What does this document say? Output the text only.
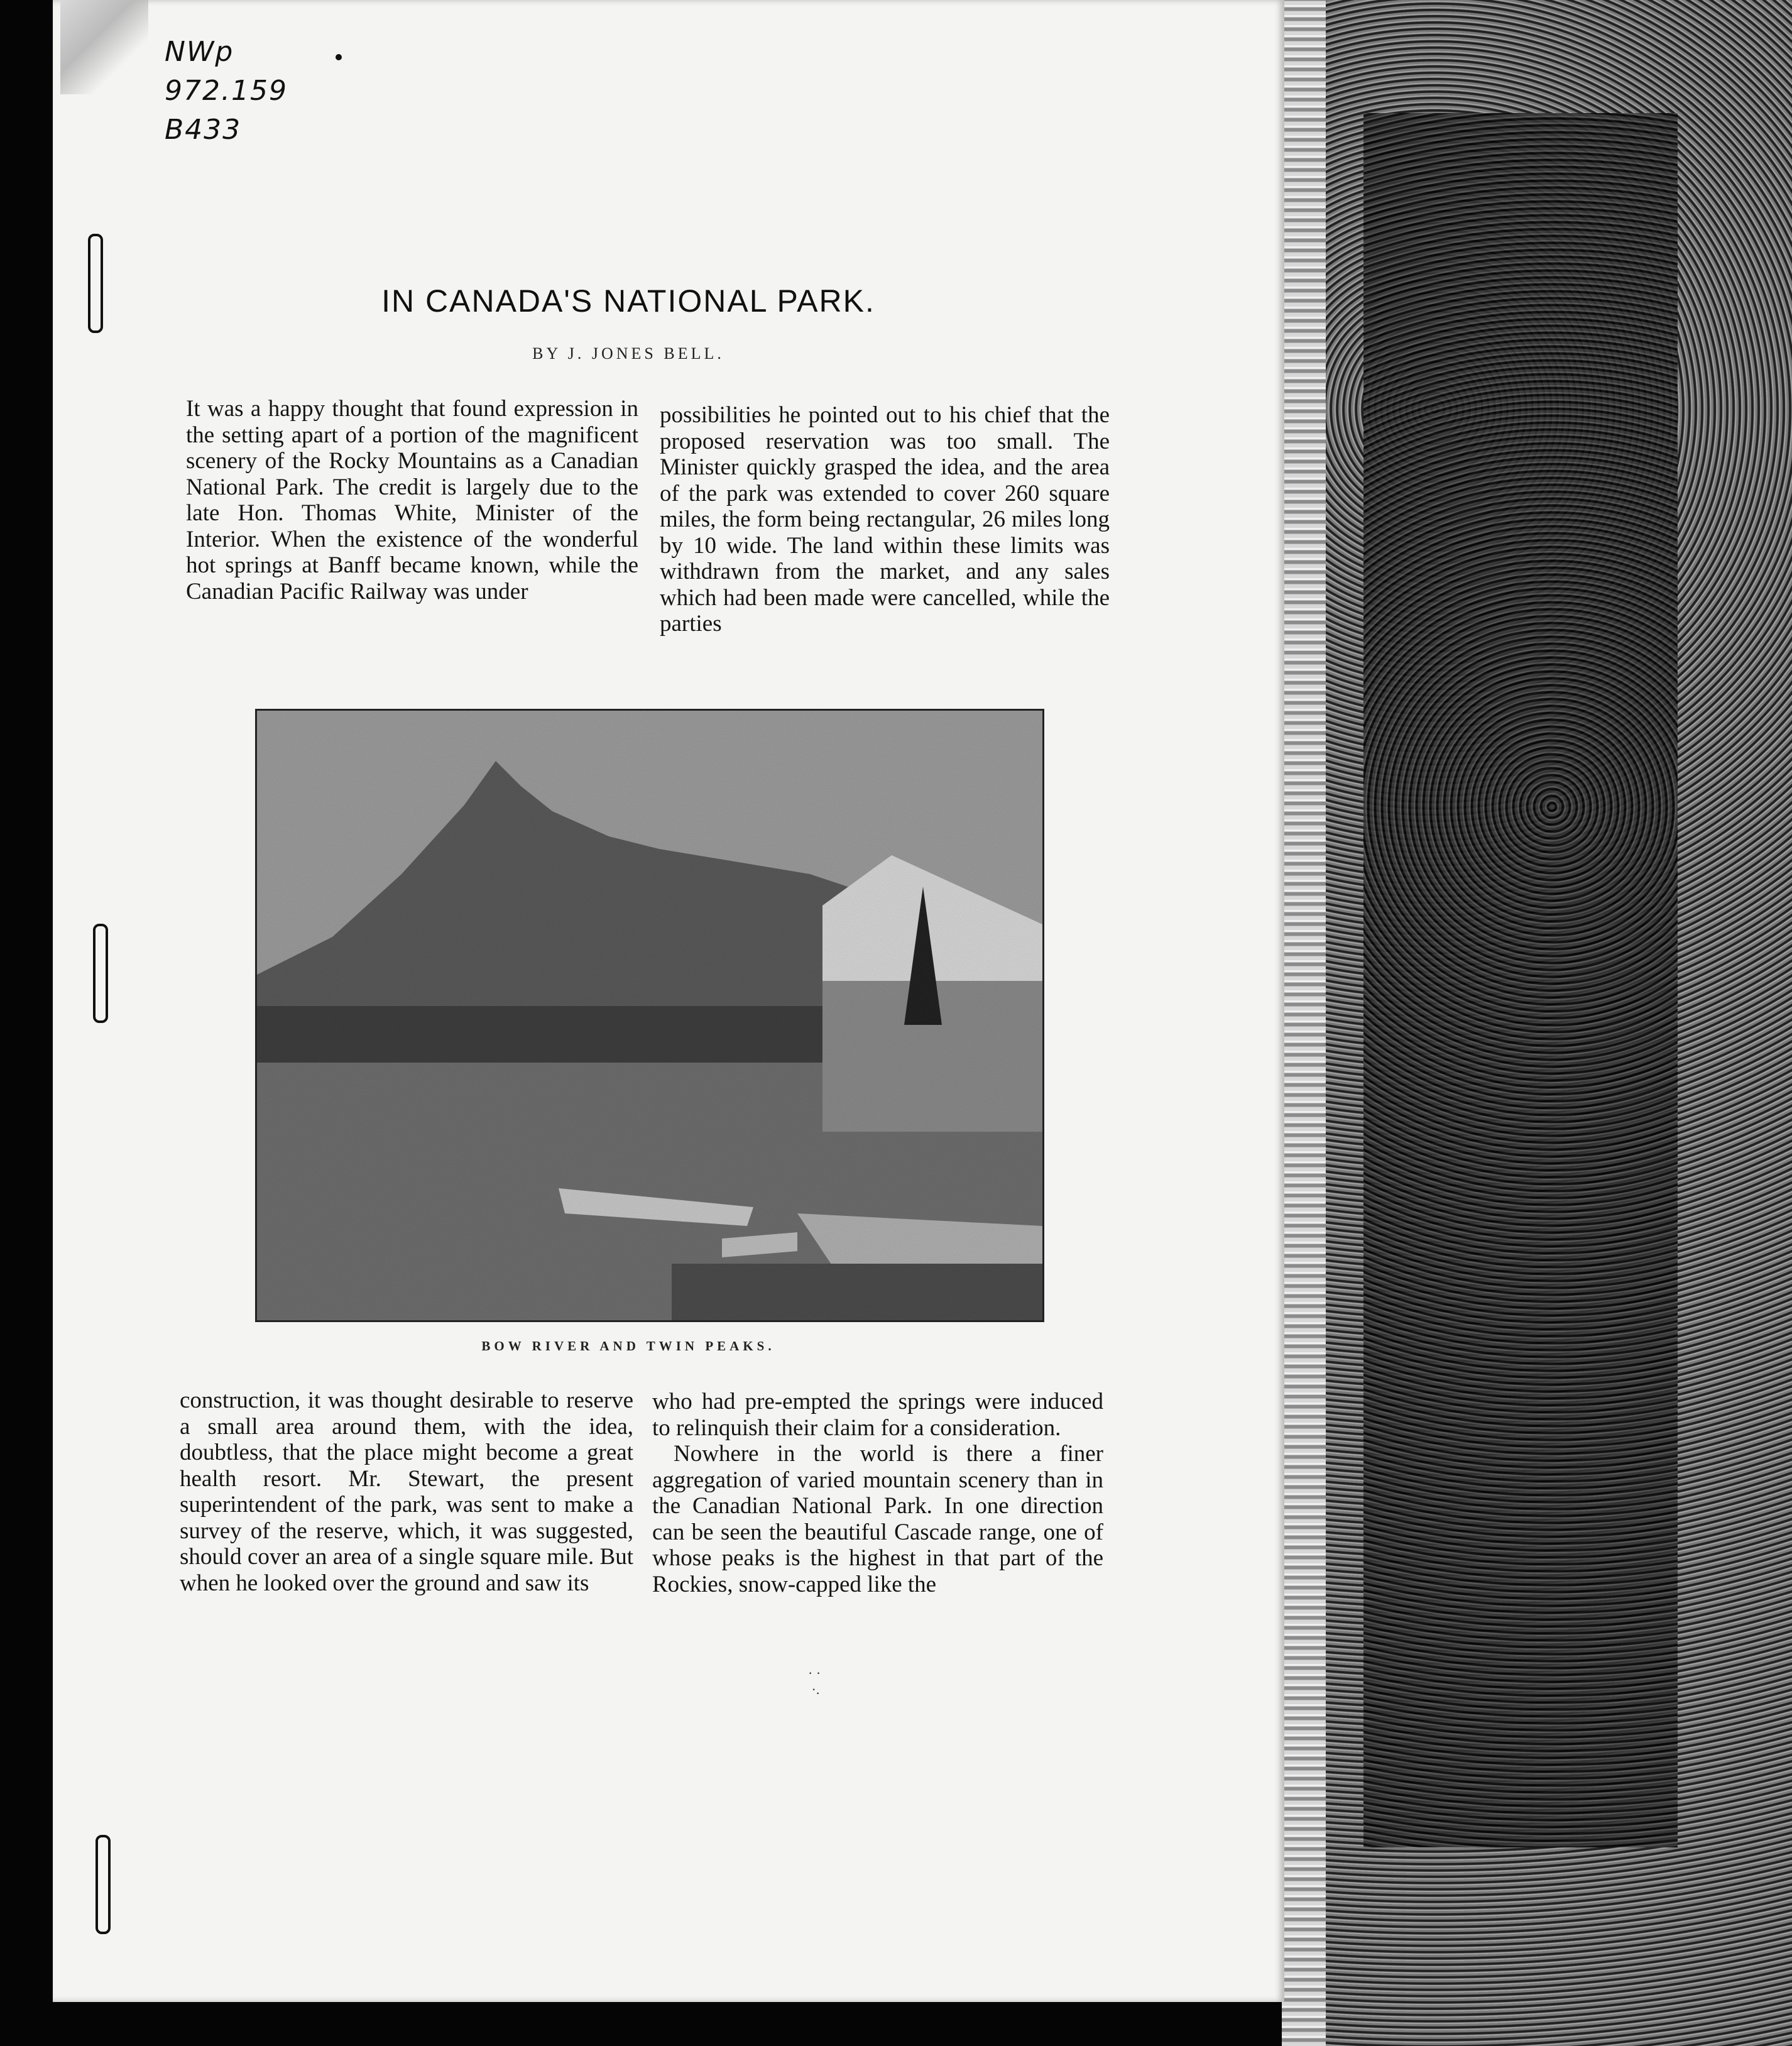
NWp
972.159
B433
IN CANADA'S NATIONAL PARK.
BY J. JONES BELL.

It was a happy thought that found expression in the setting apart of a portion of the magnificent scenery of the Rocky Mountains as a Canadian National Park. The credit is largely due to the late Hon. Thomas White, Minister of the Interior. When the existence of the wonderful hot springs at Banff became known, while the Canadian Pacific Railway was under

possibilities he pointed out to his chief that the proposed reservation was too small. The Minister quickly grasped the idea, and the area of the park was extended to cover 260 square miles, the form being rectangular, 26 miles long by 10 wide. The land within these limits was withdrawn from the market, and any sales which had been made were cancelled, while the parties

BOW RIVER AND TWIN PEAKS.

construction, it was thought desirable to reserve a small area around them, with the idea, doubtless, that the place might become a great health resort. Mr. Stewart, the present superintendent of the park, was sent to make a survey of the reserve, which, it was suggested, should cover an area of a single square mile. But when he looked over the ground and saw its

who had pre-empted the springs were induced to relinquish their claim for a consideration.

Nowhere in the world is there a finer aggregation of varied mountain scenery than in the Canadian National Park. In one direction can be seen the beautiful Cascade range, one of whose peaks is the highest in that part of the Rockies, snow-capped like the

· ·
·.
